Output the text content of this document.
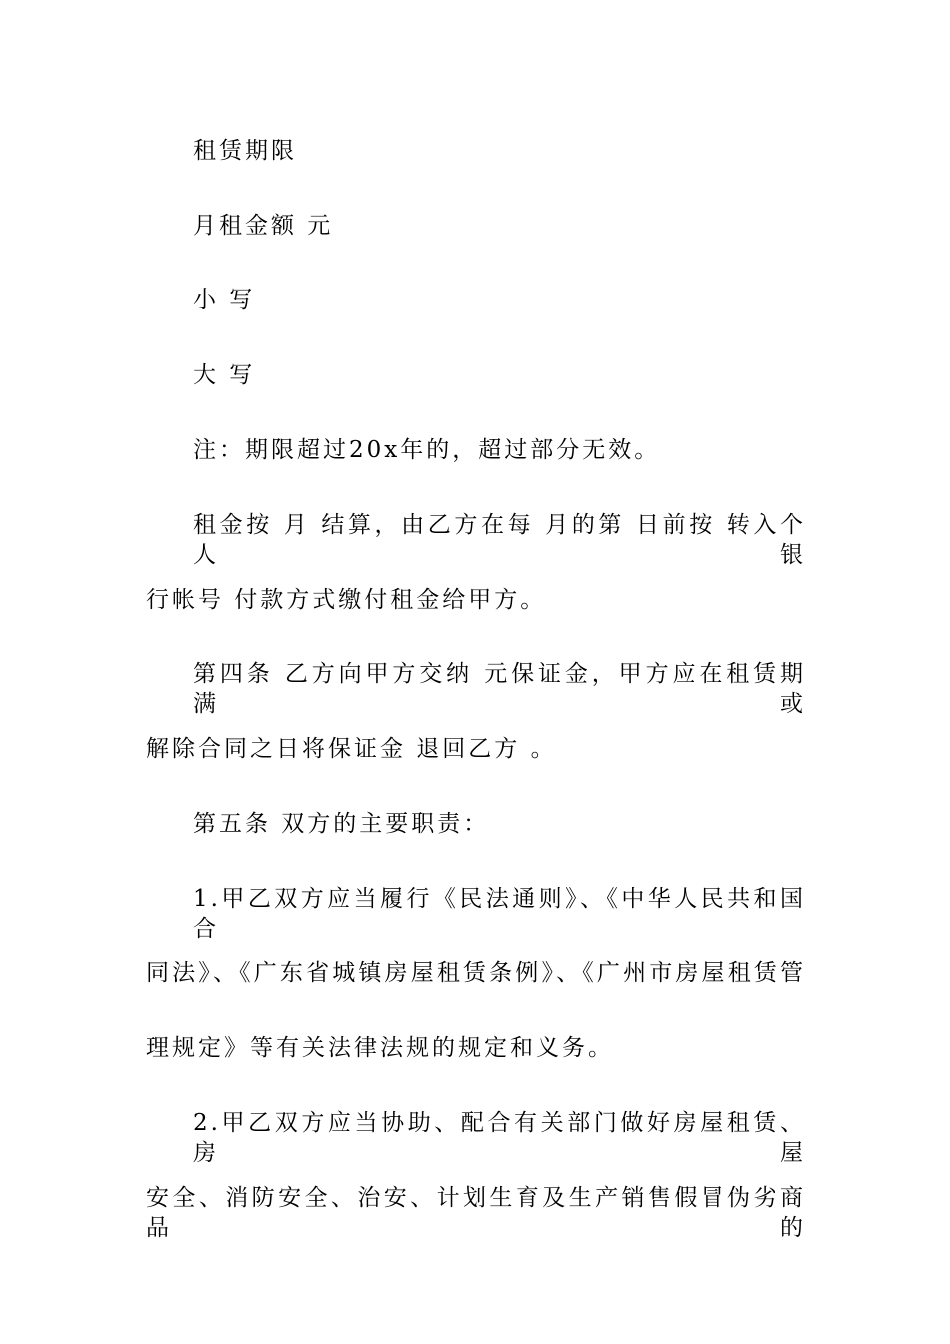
租赁期限
月租金额 元
小 写
大 写
注：期限超过20x年的，超过部分无效。
租金按 月 结算，由乙方在每 月的第 日前按 转入个人银
行帐号 付款方式缴付租金给甲方。
第四条 乙方向甲方交纳 元保证金，甲方应在租赁期满或
解除合同之日将保证金 退回乙方 。
第五条 双方的主要职责：
1.甲乙双方应当履行《民法通则》、《中华人民共和国合
同法》、《广东省城镇房屋租赁条例》、《广州市房屋租赁管
理规定》等有关法律法规的规定和义务。
2.甲乙双方应当协助、配合有关部门做好房屋租赁、房屋
安全、消防安全、治安、计划生育及生产销售假冒伪劣商品的
